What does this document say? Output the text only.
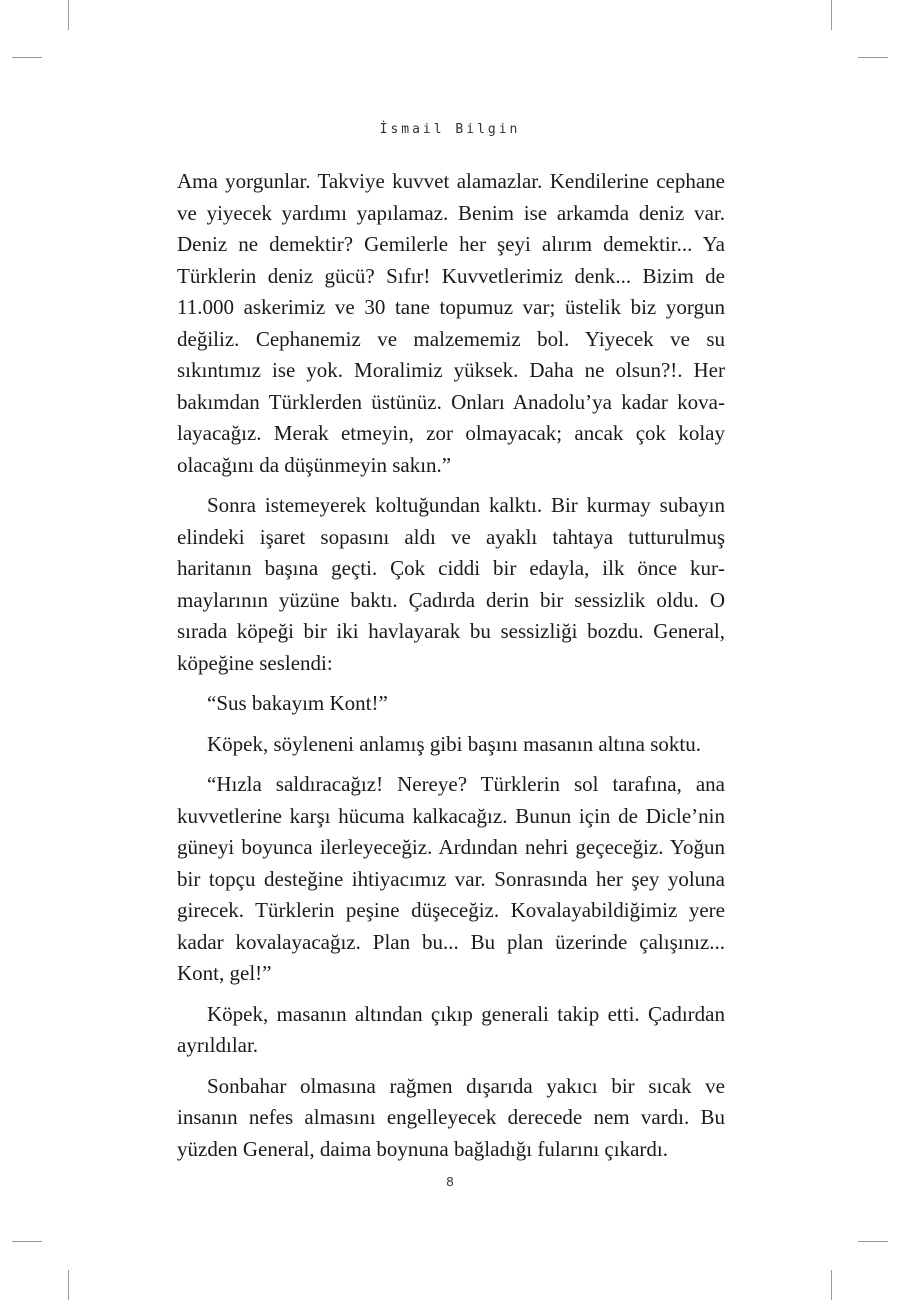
İsmail Bilgin

Ama yorgunlar. Takviye kuvvet alamazlar. Kendilerine cephane ve yiyecek yardımı yapılamaz. Benim ise arkamda deniz var. Deniz ne demektir? Gemilerle her şeyi alırım demektir... Ya Türklerin deniz gücü? Sıfır! Kuvvetlerimiz denk... Bizim de 11.000 askerimiz ve 30 tane topumuz var; üstelik biz yorgun değiliz. Cephanemiz ve malzememiz bol. Yiyecek ve su sıkıntımız ise yok. Moralimiz yüksek. Daha ne olsun?!. Her bakımdan Türklerden üstünüz. Onları Anadolu’ya kadar kovalayacağız. Merak etmeyin, zor olmayacak; ancak çok kolay olacağını da düşünmeyin sakın.”

Sonra istemeyerek koltuğundan kalktı. Bir kurmay subayın elindeki işaret sopasını aldı ve ayaklı tahtaya tutturulmuş haritanın başına geçti. Çok ciddi bir edayla, ilk önce kurmaylarının yüzüne baktı. Çadırda derin bir sessizlik oldu. O sırada köpeği bir iki havlayarak bu sessizliği bozdu. General, köpeğine seslendi:

“Sus bakayım Kont!”

Köpek, söyleneni anlamış gibi başını masanın altına soktu.

“Hızla saldıracağız! Nereye? Türklerin sol tarafına, ana kuvvetlerine karşı hücuma kalkacağız. Bunun için de Dicle’nin güneyi boyunca ilerleyeceğiz. Ardından nehri geçeceğiz. Yoğun bir topçu desteğine ihtiyacımız var. Sonrasında her şey yoluna girecek. Türklerin peşine düşeceğiz. Kovalayabildiğimiz yere kadar kovalayacağız. Plan bu... Bu plan üzerinde çalışınız... Kont, gel!”

Köpek, masanın altından çıkıp generali takip etti. Çadırdan ayrıldılar.

Sonbahar olmasına rağmen dışarıda yakıcı bir sıcak ve insanın nefes almasını engelleyecek derecede nem vardı. Bu yüzden General, daima boynuna bağladığı fularını çıkardı.

8
